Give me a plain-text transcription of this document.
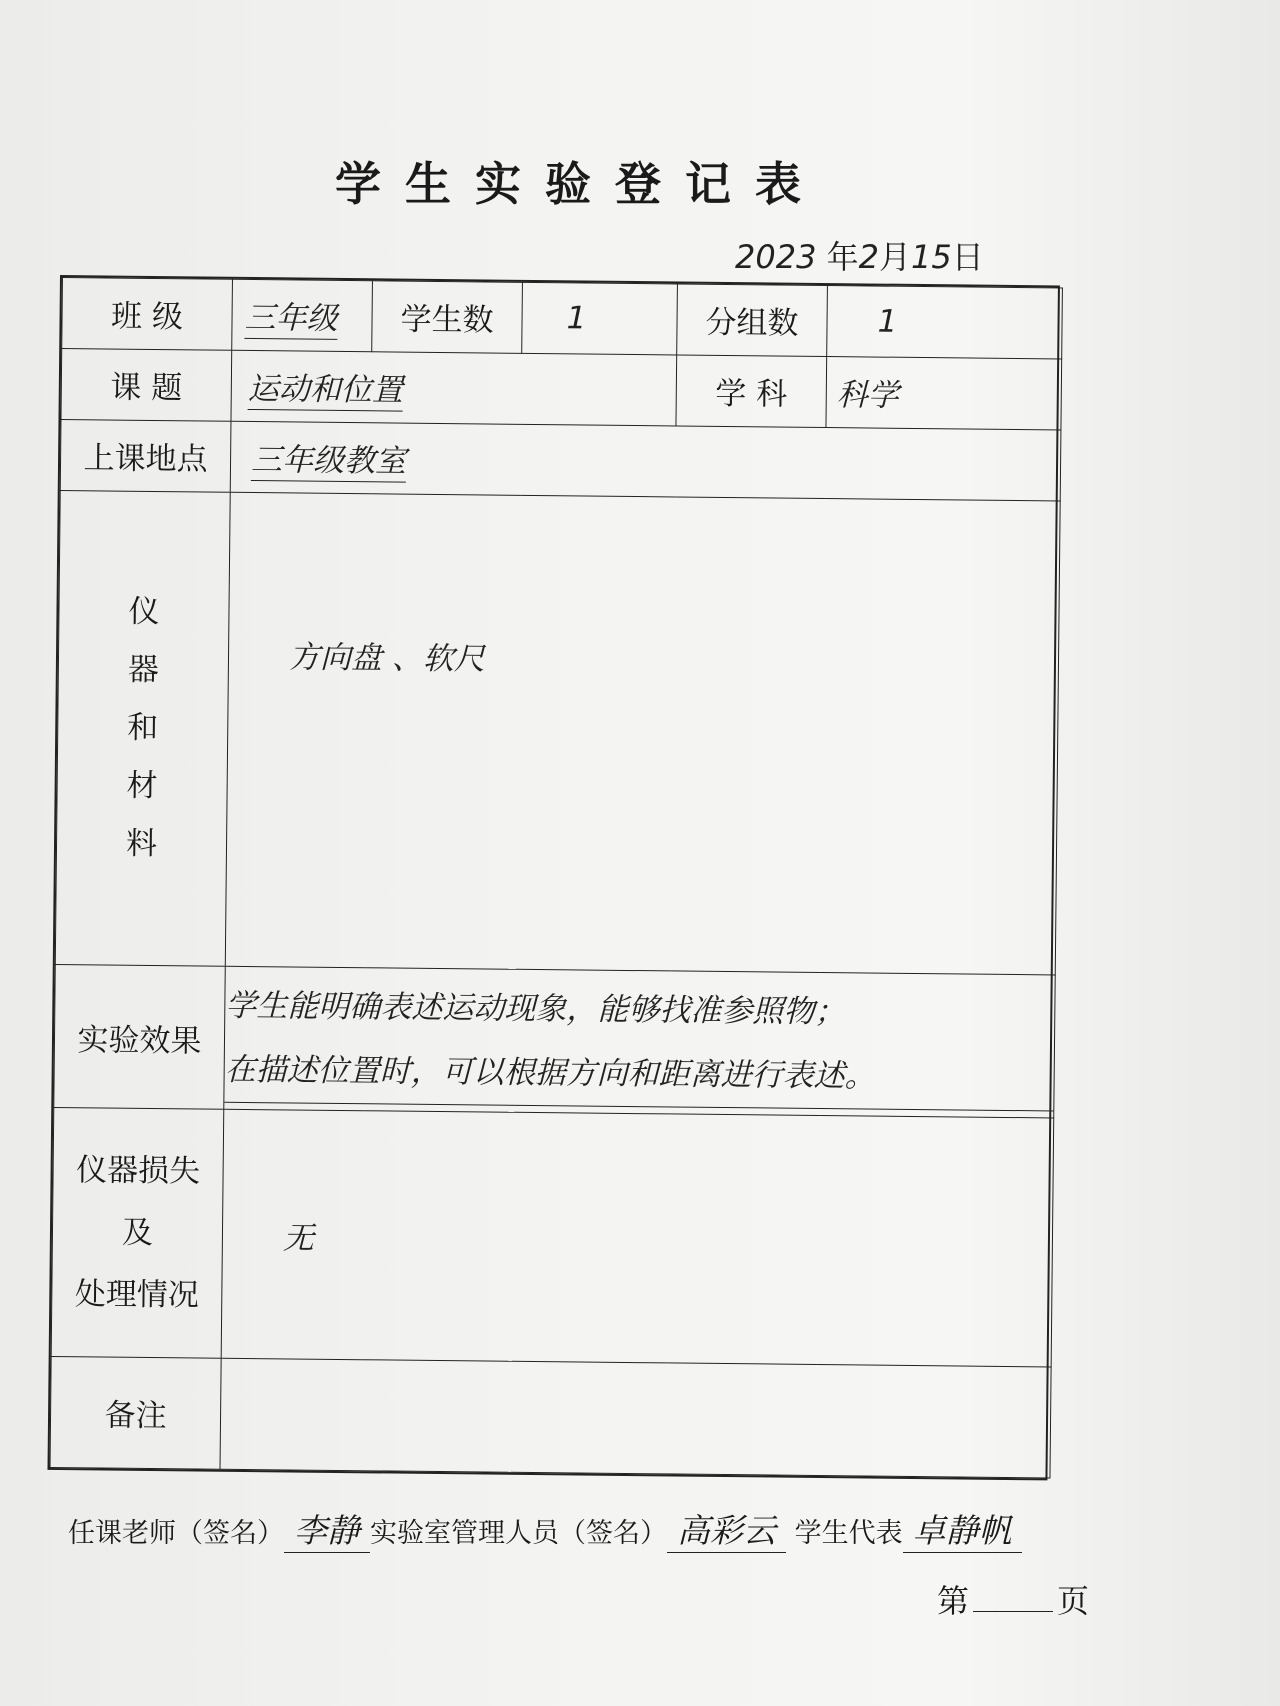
学生实验登记表
2023 年2月15日
班 级	三年级	学生数	1	分组数	1
课 题	运动和位置			学 科	科学
上课地点	三年级教室				

仪
器
和
材
料	方向盘 、软尺				
实验效果	学生能明确表述运动现象，能够找准参照物；
在描述位置时，可以根据方向和距离进行表述。				

仪器损失
及
处理情况	无				
备注					
任课老师（签名） 李静 实验室管理人员（签名） 高彩云 学生代表 卓静帆
第	页
